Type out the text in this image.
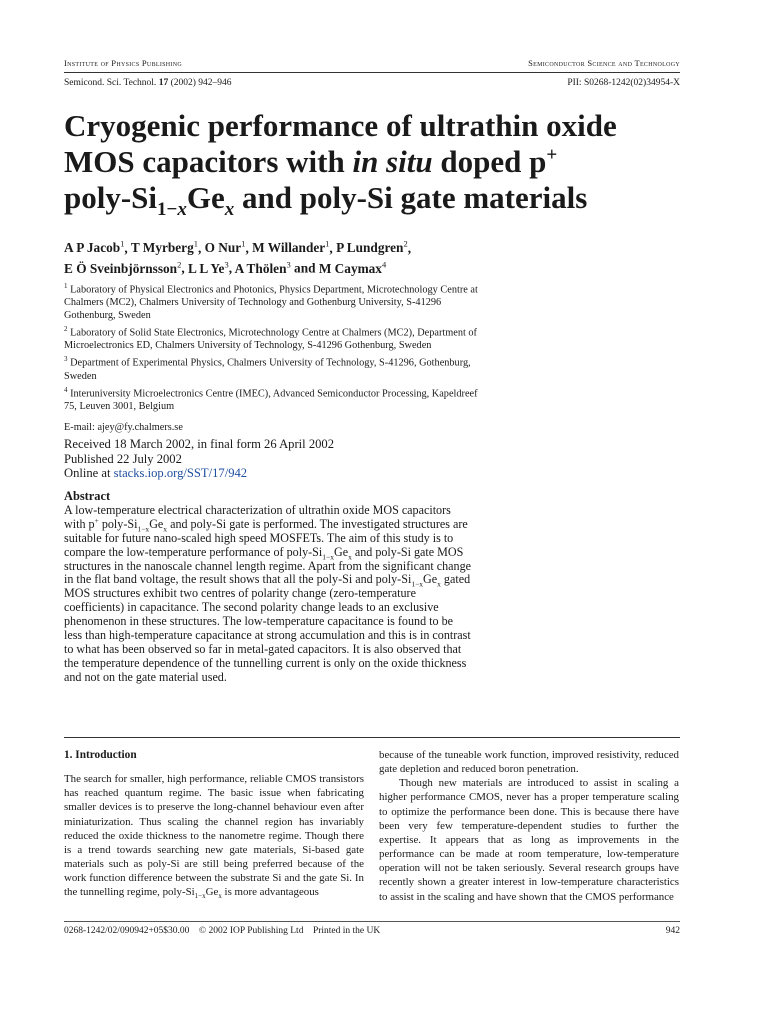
Institute of Physics Publishing	Semiconductor Science and Technology
Semicond. Sci. Technol. 17 (2002) 942–946	PII: S0268-1242(02)34954-X
Cryogenic performance of ultrathin oxide MOS capacitors with in situ doped p+
poly-$Si_{1-x}Ge_x$ and poly-Si gate materials
A P Jacob$^1$, T Myrberg$^1$, O Nur$^1$, M Willander$^1$, P Lundgren$^2$,
E Ö Sveinbjörnsson$^2$, L L Ye$^3$, A Thölen$^3$ and M Caymax$^4$

$^1$ Laboratory of Physical Electronics and Photonics, Physics Department, Microtechnology Centre at Chalmers (MC2), Chalmers University of Technology and Gothenburg University, S-41296 Gothenburg, Sweden

$^2$ Laboratory of Solid State Electronics, Microtechnology Centre at Chalmers (MC2), Department of Microelectronics ED, Chalmers University of Technology, S-41296 Gothenburg, Sweden

$^3$ Department of Experimental Physics, Chalmers University of Technology, S-41296, Gothenburg, Sweden

$^4$ Interuniversity Microelectronics Centre (IMEC), Advanced Semiconductor Processing, Kapeldreef 75, Leuven 3001, Belgium

E-mail: ajey@fy.chalmers.se

Received 18 March 2002, in final form 26 April 2002
Published 22 July 2002
Online at stacks.iop.org/SST/17/942
Abstract

A low-temperature electrical characterization of ultrathin oxide MOS capacitors with p+ poly-$Si_{1-x}Ge_x$ and poly-Si gate is performed. The investigated structures are suitable for future nano-scaled high speed MOSFETs. The aim of this study is to compare the low-temperature performance of poly-$Si_{1-x}Ge_x$ and poly-Si gate MOS structures in the nanoscale channel length regime. Apart from the significant change in the flat band voltage, the result shows that all the poly-Si and poly-$Si_{1-x}Ge_x$ gated MOS structures exhibit two centres of polarity change (zero-temperature coefficients) in capacitance. The second polarity change leads to an exclusive phenomenon in these structures. The low-temperature capacitance is found to be less than high-temperature capacitance at strong accumulation and this is in contrast to what has been observed so far in metal-gated capacitors. It is also observed that the temperature dependence of the tunnelling current is only on the oxide thickness and not on the gate material used.

1. Introduction

The search for smaller, high performance, reliable CMOS transistors has reached quantum regime. The basic issue when fabricating smaller devices is to preserve the long-channel behaviour even after miniaturization. Thus scaling the channel region has invariably reduced the oxide thickness to the nanometre regime. Though there is a trend towards searching new gate materials, Si-based gate materials such as poly-Si are still being preferred because of the work function difference between the substrate Si and the gate Si. In the tunnelling regime, poly-$Si_{1-x}Ge_x$ is more advantageous

because of the tuneable work function, improved resistivity, reduced gate depletion and reduced boron penetration.

Though new materials are introduced to assist in scaling a higher performance CMOS, never has a proper temperature scaling to optimize the performance been done. This is because there have been very few temperature-dependent studies to further the expertise. It appears that as long as improvements in the performance can be made at room temperature, low-temperature operation will not be taken seriously. Several research groups have recently shown a greater interest in low-temperature characteristics to assist in the scaling and have shown that the CMOS performance

0268-1242/02/090942+05$30.00    © 2002 IOP Publishing Ltd    Printed in the UK	942
